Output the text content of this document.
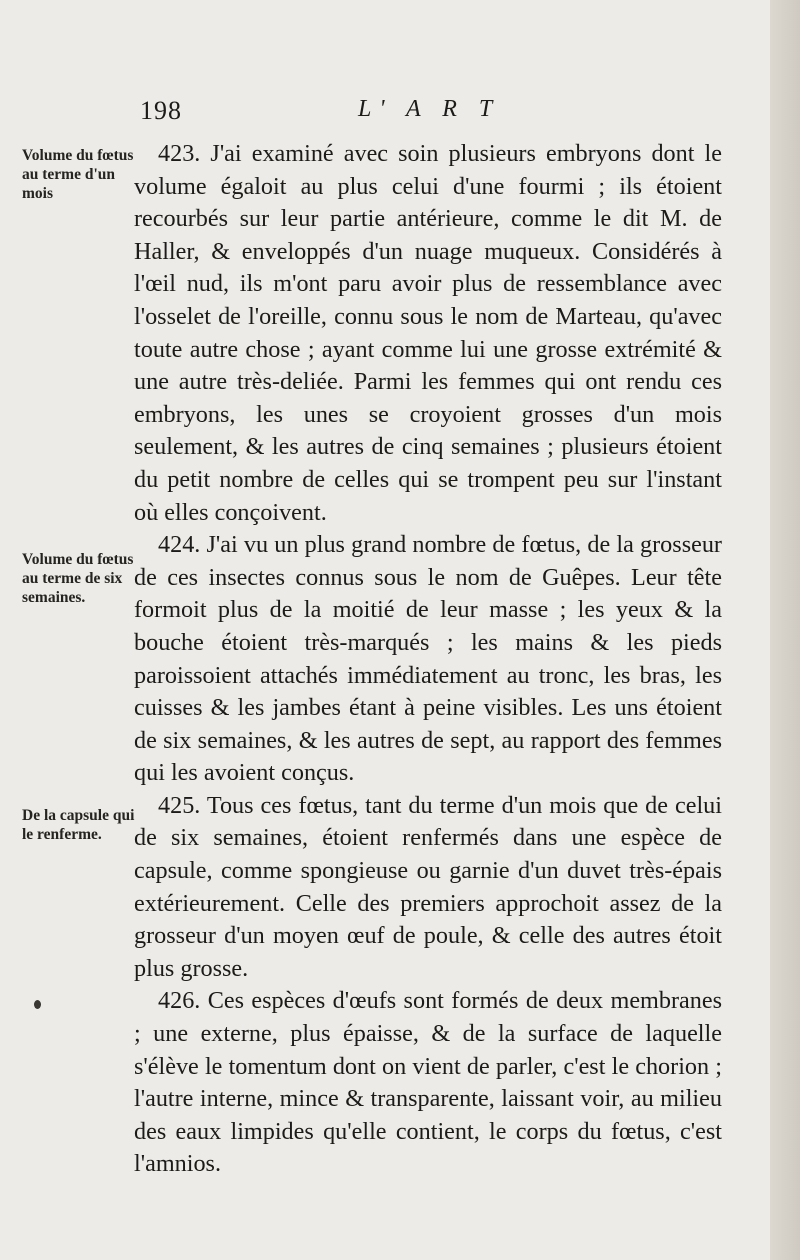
198	L' A R T
Volume du fœtus au terme d'un mois
Volume du fœtus au terme de six semaines.
De la capsule qui le renferme.

423. J'ai examiné avec soin plusieurs embryons dont le volume égaloit au plus celui d'une fourmi ; ils étoient recourbés sur leur partie antérieure, comme le dit M. de Haller, & enveloppés d'un nuage muqueux. Considérés à l'œil nud, ils m'ont paru avoir plus de ressemblance avec l'osselet de l'oreille, connu sous le nom de Marteau, qu'avec toute autre chose ; ayant comme lui une grosse extrémité & une autre très-deliée. Parmi les femmes qui ont rendu ces embryons, les unes se croyoient grosses d'un mois seulement, & les autres de cinq semaines ; plusieurs étoient du petit nombre de celles qui se trompent peu sur l'instant où elles conçoivent.

424. J'ai vu un plus grand nombre de fœtus, de la grosseur de ces insectes connus sous le nom de Guêpes. Leur tête formoit plus de la moitié de leur masse ; les yeux & la bouche étoient très-marqués ; les mains & les pieds paroissoient attachés immédiatement au tronc, les bras, les cuisses & les jambes étant à peine visibles. Les uns étoient de six semaines, & les autres de sept, au rapport des femmes qui les avoient conçus.

425. Tous ces fœtus, tant du terme d'un mois que de celui de six semaines, étoient renfermés dans une espèce de capsule, comme spongieuse ou garnie d'un duvet très-épais extérieurement. Celle des premiers approchoit assez de la grosseur d'un moyen œuf de poule, & celle des autres étoit plus grosse.

426. Ces espèces d'œufs sont formés de deux membranes ; une externe, plus épaisse, & de la surface de laquelle s'élève le tomentum dont on vient de parler, c'est le chorion ; l'autre interne, mince & transparente, laissant voir, au milieu des eaux limpides qu'elle contient, le corps du fœtus, c'est l'amnios.
